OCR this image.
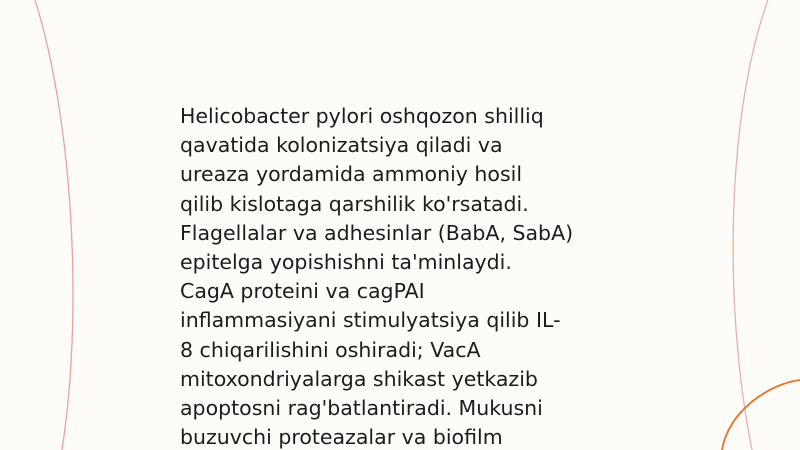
Helicobacter pylori oshqozon shilliq
qavatida kolonizatsiya qiladi va
ureaza yordamida ammoniy hosil
qilib kislotaga qarshilik ko'rsatadi.
Flagellalar va adhesinlar (BabA, SabA)
epitelga yopishishni ta'minlaydi.
CagA proteini va cagPAI
inflammasiyani stimulyatsiya qilib IL-
8 chiqarilishini oshiradi; VacA
mitoxondriyalarga shikast yetkazib
apoptosni rag'batlantiradi. Mukusni
buzuvchi proteazalar va biofilm
